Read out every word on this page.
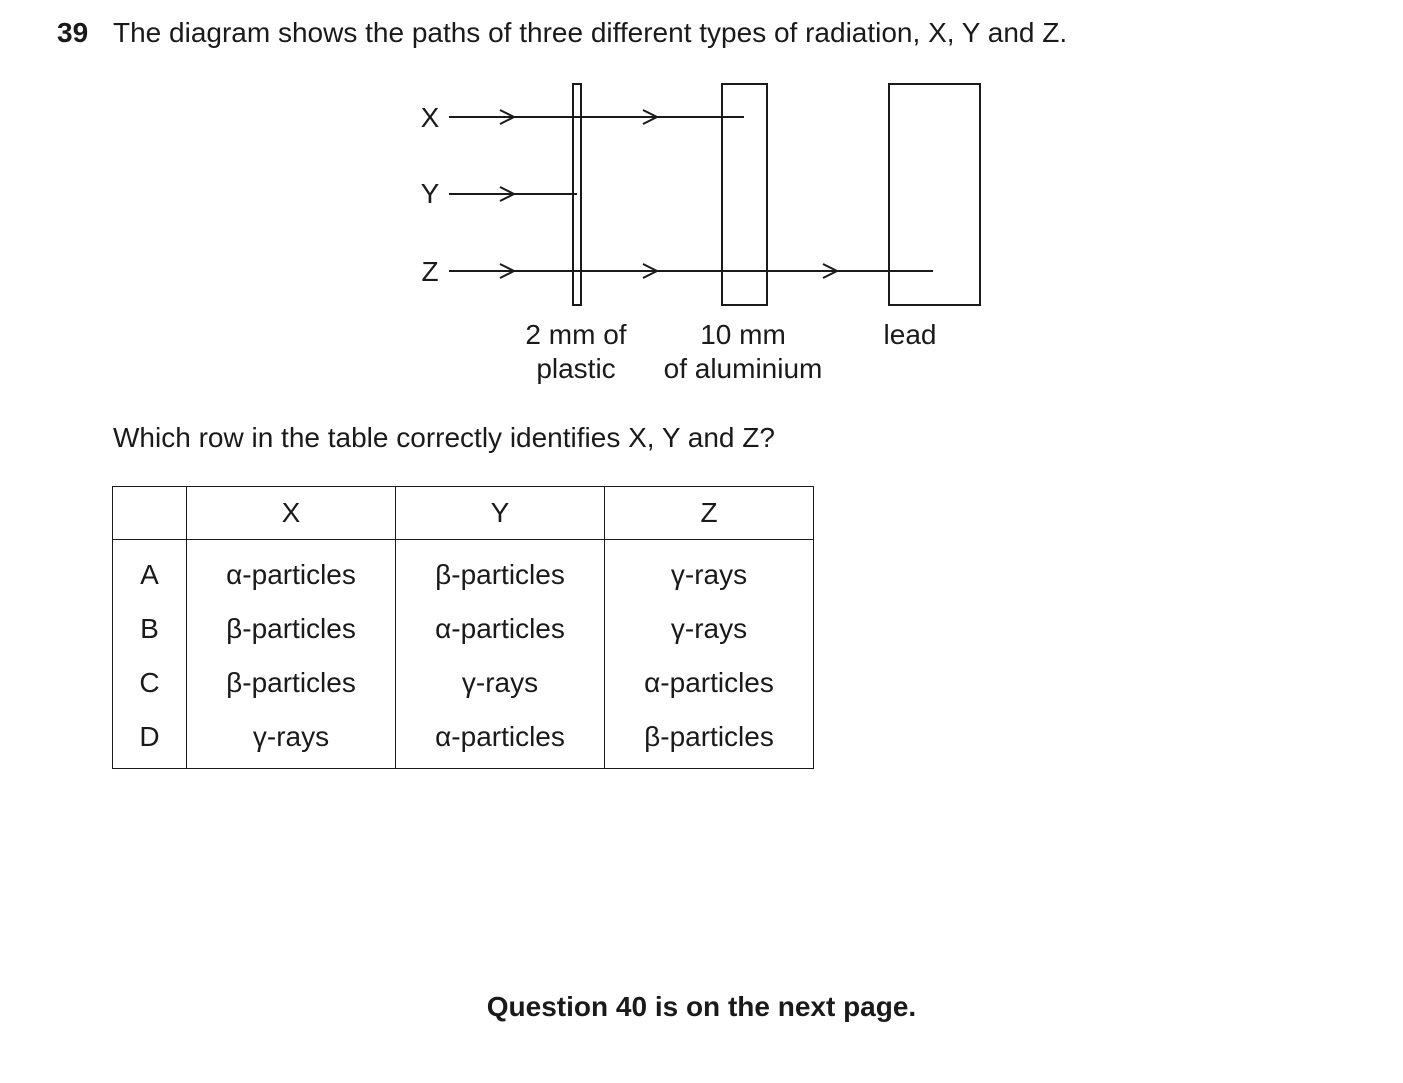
39 The diagram shows the paths of three different types of radiation, X, Y and Z.
X
Y
Z
2 mm of
plastic
10 mm
of aluminium
lead
Which row in the table correctly identifies X, Y and Z?
	X	Y	Z
A	α-particles	β-particles	γ-rays
B	β-particles	α-particles	γ-rays
C	β-particles	γ-rays	α-particles
D	γ-rays	α-particles	β-particles
Question 40 is on the next page.
